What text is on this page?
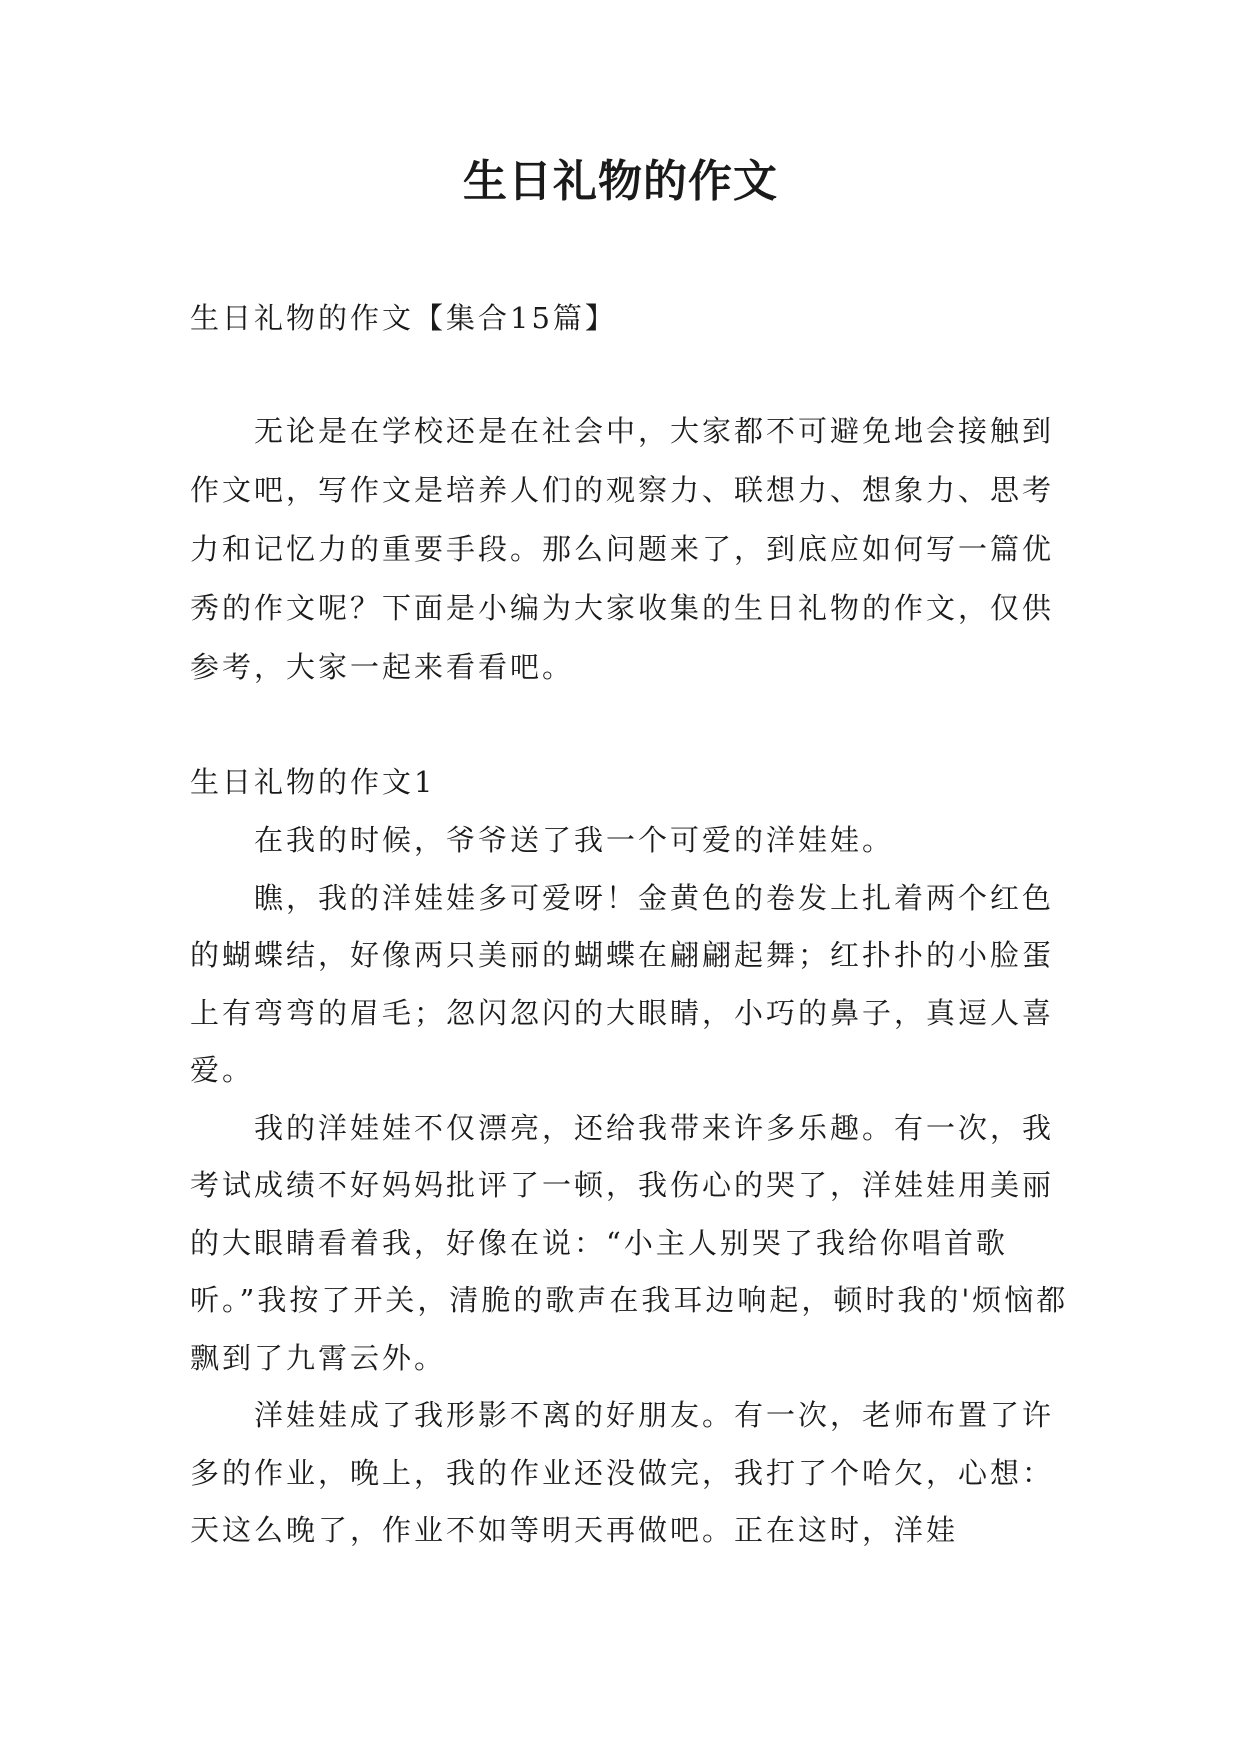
生日礼物的作文
生日礼物的作文【集合15篇】

无论是在学校还是在社会中，大家都不可避免地会接触到作文吧，写作文是培养人们的观察力、联想力、想象力、思考力和记忆力的重要手段。那么问题来了，到底应如何写一篇优秀的作文呢？下面是小编为大家收集的生日礼物的作文，仅供参考，大家一起来看看吧。

生日礼物的作文1

在我的时候，爷爷送了我一个可爱的洋娃娃。

瞧，我的洋娃娃多可爱呀！金黄色的卷发上扎着两个红色的蝴蝶结，好像两只美丽的蝴蝶在翩翩起舞；红扑扑的小脸蛋上有弯弯的眉毛；忽闪忽闪的大眼睛，小巧的鼻子，真逗人喜爱。

我的洋娃娃不仅漂亮，还给我带来许多乐趣。有一次，我考试成绩不好妈妈批评了一顿，我伤心的哭了，洋娃娃用美丽的大眼睛看着我，好像在说：“小主人别哭了我给你唱首歌听。”我按了开关，清脆的歌声在我耳边响起，顿时我的'烦恼都飘到了九霄云外。

洋娃娃成了我形影不离的好朋友。有一次，老师布置了许多的作业，晚上，我的作业还没做完，我打了个哈欠，心想：天这么晚了，作业不如等明天再做吧。正在这时，洋娃
